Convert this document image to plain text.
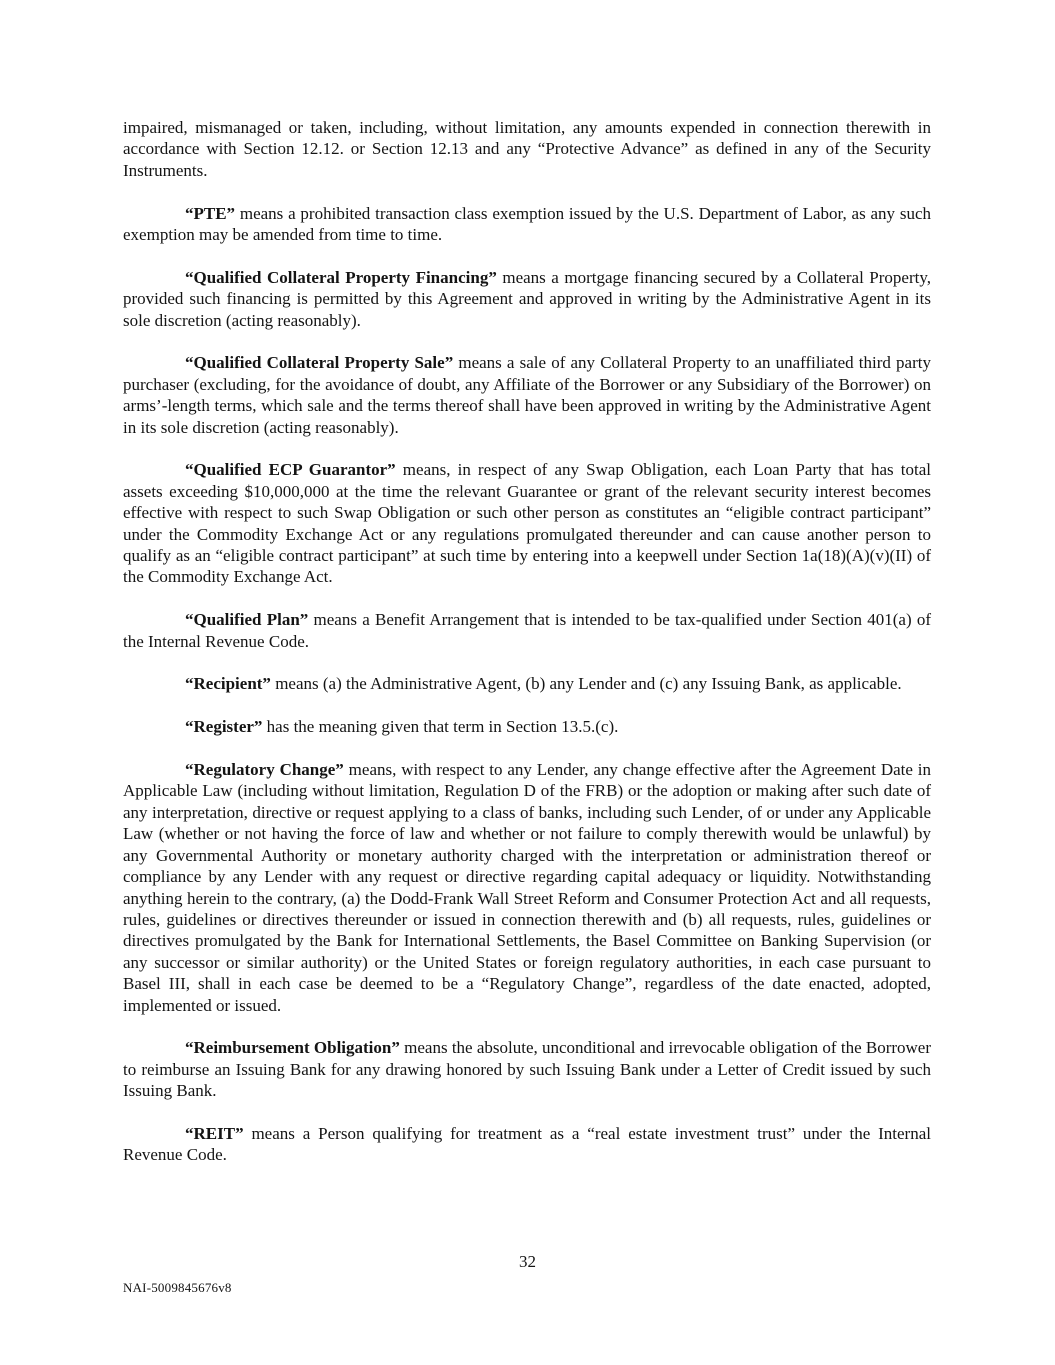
impaired, mismanaged or taken, including, without limitation, any amounts expended in connection therewith in accordance with Section 12.12. or Section 12.13 and any “Protective Advance” as defined in any of the Security Instruments.

“PTE” means a prohibited transaction class exemption issued by the U.S. Department of Labor, as any such exemption may be amended from time to time.

“Qualified Collateral Property Financing” means a mortgage financing secured by a Collateral Property, provided such financing is permitted by this Agreement and approved in writing by the Administrative Agent in its sole discretion (acting reasonably).

“Qualified Collateral Property Sale” means a sale of any Collateral Property to an unaffiliated third party purchaser (excluding, for the avoidance of doubt, any Affiliate of the Borrower or any Subsidiary of the Borrower) on arms’-length terms, which sale and the terms thereof shall have been approved in writing by the Administrative Agent in its sole discretion (acting reasonably).

“Qualified ECP Guarantor” means, in respect of any Swap Obligation, each Loan Party that has total assets exceeding $10,000,000 at the time the relevant Guarantee or grant of the relevant security interest becomes effective with respect to such Swap Obligation or such other person as constitutes an “eligible contract participant” under the Commodity Exchange Act or any regulations promulgated thereunder and can cause another person to qualify as an “eligible contract participant” at such time by entering into a keepwell under Section 1a(18)(A)(v)(II) of the Commodity Exchange Act.

“Qualified Plan” means a Benefit Arrangement that is intended to be tax-qualified under Section 401(a) of the Internal Revenue Code.

“Recipient” means (a) the Administrative Agent, (b) any Lender and (c) any Issuing Bank, as applicable.

“Register” has the meaning given that term in Section 13.5.(c).

“Regulatory Change” means, with respect to any Lender, any change effective after the Agreement Date in Applicable Law (including without limitation, Regulation D of the FRB) or the adoption or making after such date of any interpretation, directive or request applying to a class of banks, including such Lender, of or under any Applicable Law (whether or not having the force of law and whether or not failure to comply therewith would be unlawful) by any Governmental Authority or monetary authority charged with the interpretation or administration thereof or compliance by any Lender with any request or directive regarding capital adequacy or liquidity. Notwithstanding anything herein to the contrary, (a) the Dodd-Frank Wall Street Reform and Consumer Protection Act and all requests, rules, guidelines or directives thereunder or issued in connection therewith and (b) all requests, rules, guidelines or directives promulgated by the Bank for International Settlements, the Basel Committee on Banking Supervision (or any successor or similar authority) or the United States or foreign regulatory authorities, in each case pursuant to Basel III, shall in each case be deemed to be a “Regulatory Change”, regardless of the date enacted, adopted, implemented or issued.

“Reimbursement Obligation” means the absolute, unconditional and irrevocable obligation of the Borrower to reimburse an Issuing Bank for any drawing honored by such Issuing Bank under a Letter of Credit issued by such Issuing Bank.

“REIT” means a Person qualifying for treatment as a “real estate investment trust” under the Internal Revenue Code.

32
NAI-5009845676v8
